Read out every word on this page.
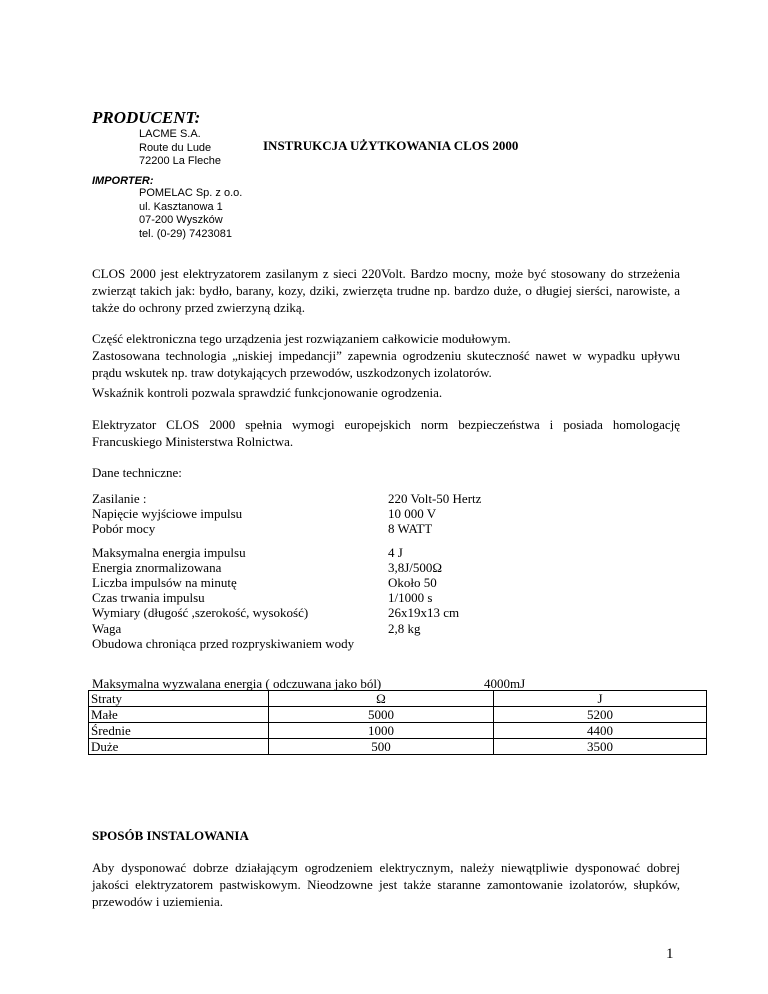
PRODUCENT:
LACME S.A.
Route du Lude
72200 La Fleche
INSTRUKCJA UŻYTKOWANIA CLOS 2000
IMPORTER:
POMELAC Sp. z o.o.
ul. Kasztanowa 1
07-200 Wyszków
tel. (0-29) 7423081

CLOS 2000 jest elektryzatorem zasilanym z sieci 220Volt. Bardzo mocny, może być stosowany do strzeżenia zwierząt takich jak: bydło, barany, kozy, dziki, zwierzęta trudne np. bardzo duże, o długiej sierści, narowiste, a także do ochrony przed zwierzyną dziką.

Część elektroniczna tego urządzenia jest rozwiązaniem całkowicie modułowym.

Zastosowana technologia „niskiej impedancji” zapewnia ogrodzeniu skuteczność nawet w wypadku upływu prądu wskutek np. traw dotykających przewodów, uszkodzonych izolatorów.

Wskaźnik kontroli pozwala sprawdzić funkcjonowanie ogrodzenia.

Elektryzator CLOS 2000 spełnia wymogi europejskich norm bezpieczeństwa i posiada homologację Francuskiego Ministerstwa Rolnictwa.

Dane techniczne:
Zasilanie :	220 Volt-50 Hertz
Napięcie wyjściowe impulsu	10 000 V
Pobór mocy	8 WATT
Maksymalna energia impulsu	4 J
Energia znormalizowana	3,8J/500Ω
Liczba impulsów na minutę	Około 50
Czas trwania impulsu	1/1000 s
Wymiary (długość ,szerokość, wysokość)	26x19x13 cm
Waga	2,8 kg
Obudowa chroniąca przed rozpryskiwaniem wody
Maksymalna wyzwalana energia ( odczuwana jako ból)	4000mJ
Straty	Ω	J
Małe	5000	5200
Średnie	1000	4400
Duże	500	3500
SPOSÓB INSTALOWANIA

Aby dysponować dobrze działającym ogrodzeniem elektrycznym, należy niewątpliwie dysponować dobrej jakości elektryzatorem pastwiskowym. Nieodzowne jest także staranne zamontowanie izolatorów, słupków, przewodów i uziemienia.

1
